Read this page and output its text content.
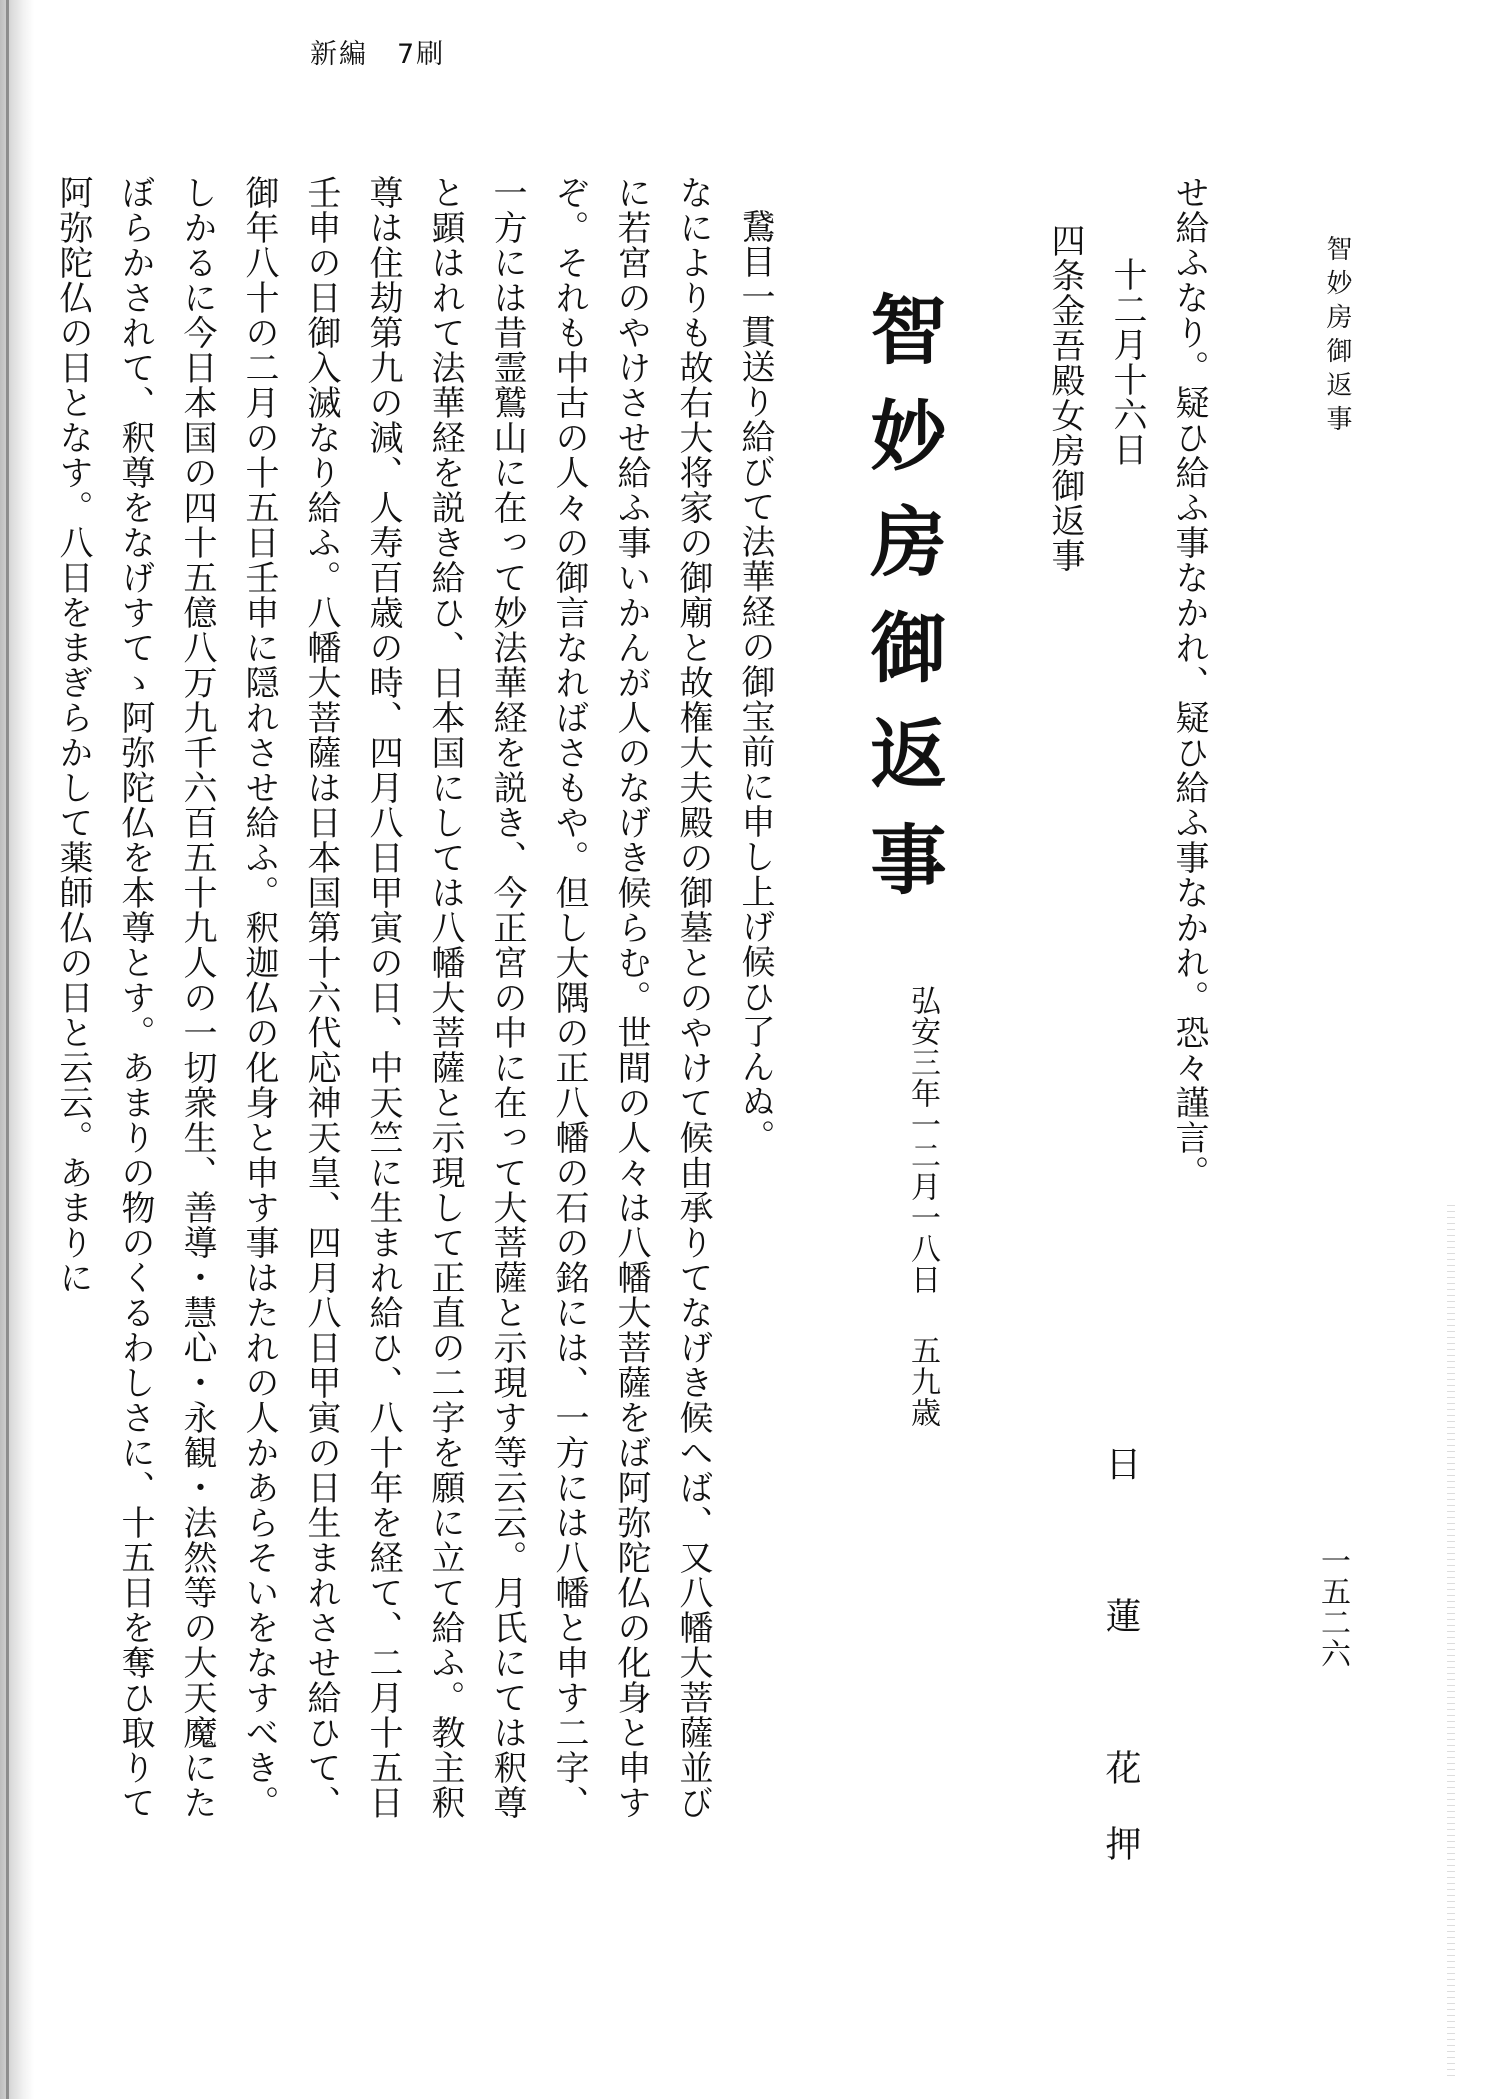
新編　7刷
智妙房御返事
一五二六

せ給ふなり。疑ひ給ふ事なかれ、疑ひ給ふ事なかれ。恐々謹言。

十二月十六日

四条金吾殿女房御返事

鵞目一貫送り給びて法華経の御宝前に申し上げ候ひ了んぬ。

なによりも故右大将家の御廟と故権大夫殿の御墓とのやけて候由承りてなげき候へば、又八幡大菩薩並びに若宮のやけさせ給ふ事いかんが人のなげき候らむ。世間の人々は八幡大菩薩をば阿弥陀仏の化身と申すぞ。それも中古の人々の御言なればさもや。但し大隅の正八幡の石の銘には、一方には八幡と申す二字、一方には昔霊鷲山に在って妙法華経を説き、今正宮の中に在って大菩薩と示現す等云云。月氏にては釈尊と顕はれて法華経を説き給ひ、日本国にしては八幡大菩薩と示現して正直の二字を願に立て給ふ。教主釈尊は住劫第九の減、人寿百歳の時、四月八日甲寅の日、中天竺に生まれ給ひ、八十年を経て、二月十五日壬申の日御入滅なり給ふ。八幡大菩薩は日本国第十六代応神天皇、四月八日甲寅の日生まれさせ給ひて、御年八十の二月の十五日壬申に隠れさせ給ふ。釈迦仏の化身と申す事はたれの人かあらそいをなすべき。しかるに今日本国の四十五億八万九千六百五十九人の一切衆生、善導・慧心・永観・法然等の大天魔にたぼらかされて、釈尊をなげすてゝ阿弥陀仏を本尊とす。あまりの物のくるわしさに、十五日を奪ひ取りて阿弥陀仏の日となす。八日をまぎらかして薬師仏の日と云云。あまりに	智妙房御返事
弘安三年一二月一八日五九歳
日　蓮　花押
